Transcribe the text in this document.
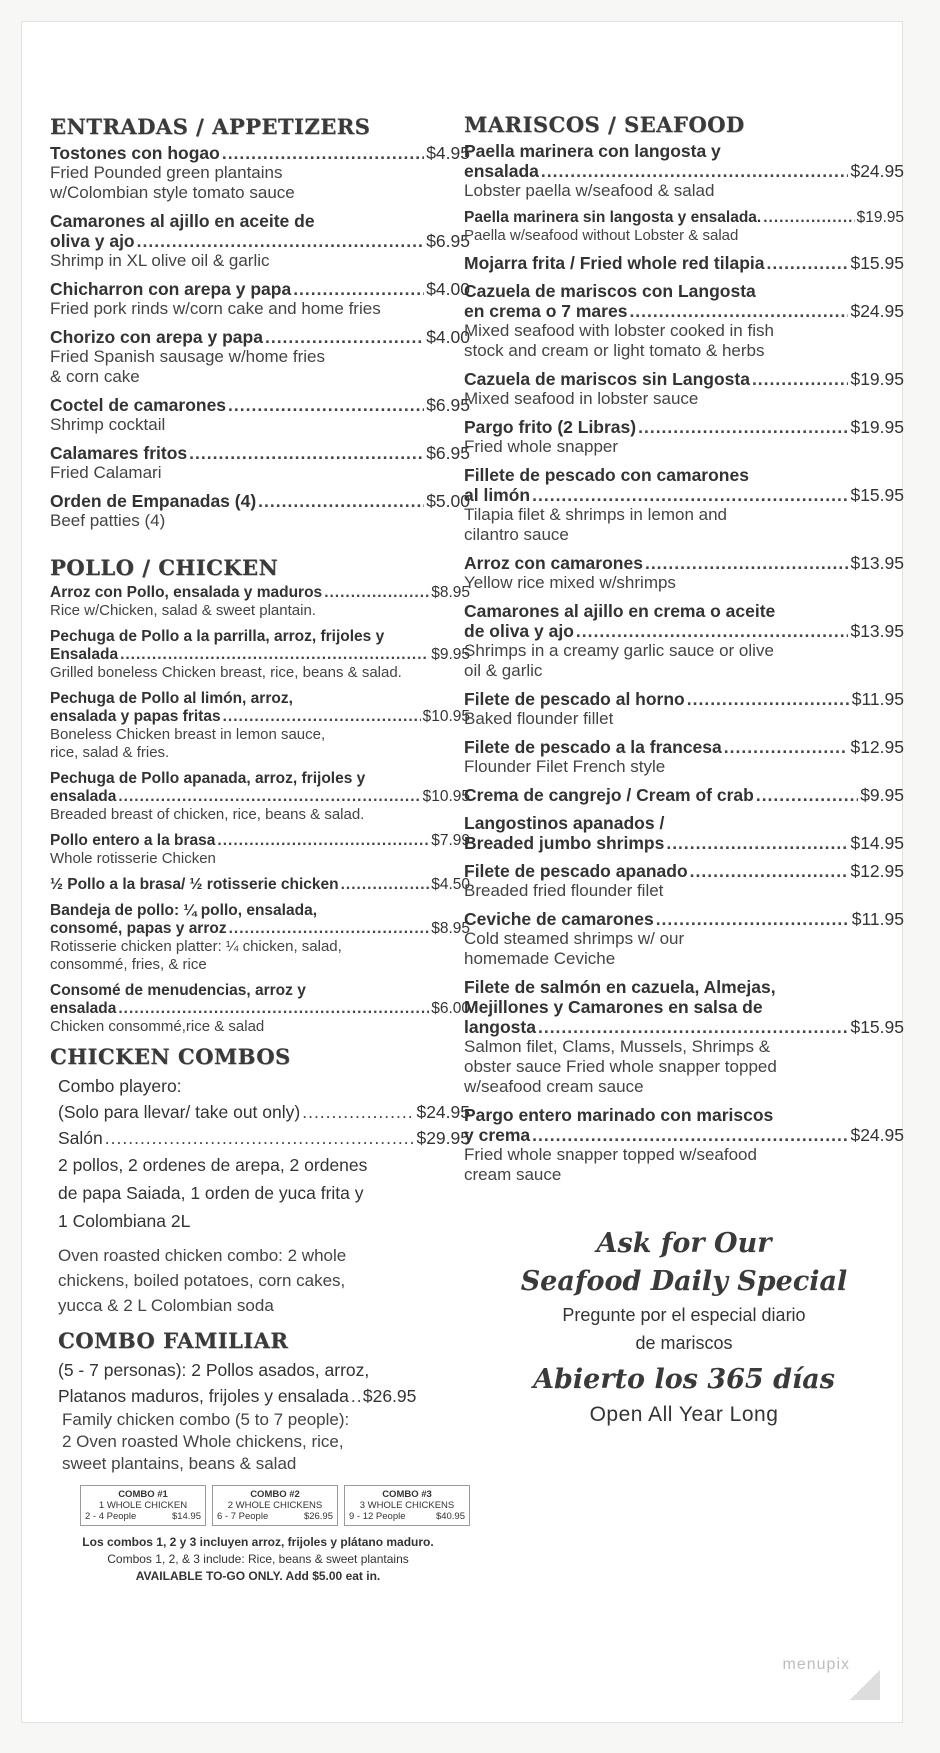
ENTRADAS / APPETIZERS
Tostones con hogao .....	$4.95
Fried Pounded green plantains
w/Colombian style tomato sauce
Camarones al ajillo en aceite de
oliva y ajo .....	$6.95
Shrimp in XL olive oil & garlic
Chicharron con arepa y papa .....	$4.00
Fried pork rinds w/corn cake and home fries
Chorizo con arepa y papa .....	$4.00
Fried Spanish sausage w/home fries
& corn cake
Coctel de camarones .....	$6.95
Shrimp cocktail
Calamares fritos .....	$6.95
Fried Calamari
Orden de Empanadas (4) .....	$5.00
Beef patties (4)
POLLO / CHICKEN
Arroz con Pollo, ensalada y maduros .....	$8.95
Rice w/Chicken, salad & sweet plantain.
Pechuga de Pollo a la parrilla, arroz, frijoles y
Ensalada .....	$9.95
Grilled boneless Chicken breast, rice, beans & salad.
Pechuga de Pollo al limón, arroz,
ensalada y papas fritas .....	$10.95
Boneless Chicken breast in lemon sauce,
rice, salad & fries.
Pechuga de Pollo apanada, arroz, frijoles y
ensalada .....	$10.95
Breaded breast of chicken, rice, beans & salad.
Pollo entero a la brasa .....	$7.99
Whole rotisserie Chicken
½ Pollo a la brasa/ ½ rotisserie chicken .....	$4.50
Bandeja de pollo: ¼ pollo, ensalada,
consomé, papas y arroz .....	$8.95
Rotisserie chicken platter: ¼ chicken, salad,
consommé, fries, & rice
Consomé de menudencias, arroz y
ensalada .....	$6.00
Chicken consommé,rice & salad
CHICKEN COMBOS
Combo playero:
(Solo para llevar/ take out only) .....	$24.95
Salón .....	$29.95
2 pollos, 2 ordenes de arepa, 2 ordenes
de papa Saiada, 1 orden de yuca frita y
1 Colombiana 2L
Oven roasted chicken combo: 2 whole
chickens, boiled potatoes, corn cakes,
yucca & 2 L Colombian soda
COMBO FAMILIAR
(5 - 7 personas): 2 Pollos asados, arroz,
Platanos maduros, frijoles y ensalada ..... $26.95
Family chicken combo (5 to 7 people):
2 Oven roasted Whole chickens, rice,
sweet plantains, beans & salad
COMBO #1
1 WHOLE CHICKEN
2 - 4 People	$14.95
COMBO #2
2 WHOLE CHICKENS
6 - 7 People	$26.95
COMBO #3
3 WHOLE CHICKENS
9 - 12 People	$40.95
Los combos 1, 2 y 3 incluyen arroz, frijoles y plátano maduro.
Combos 1, 2, & 3 include: Rice, beans & sweet plantains
AVAILABLE TO-GO ONLY. Add $5.00 eat in.
MARISCOS / SEAFOOD
Paella marinera con langosta y
ensalada .....	$24.95
Lobster paella w/seafood & salad
Paella marinera sin langosta y ensalada. .....	$19.95
Paella w/seafood without Lobster & salad
Mojarra frita / Fried whole red tilapia .....	$15.95
Cazuela de mariscos con Langosta
en crema o 7 mares .....	$24.95
Mixed seafood with lobster cooked in fish
stock and cream or light tomato & herbs
Cazuela de mariscos sin Langosta .....	$19.95
Mixed seafood in lobster sauce
Pargo frito (2 Libras) .....	$19.95
Fried whole snapper
Fillete de pescado con camarones
al limón .....	$15.95
Tilapia filet & shrimps in lemon and
cilantro sauce
Arroz con camarones .....	$13.95
Yellow rice mixed w/shrimps
Camarones al ajillo en crema o aceite
de oliva y ajo .....	$13.95
Shrimps in a creamy garlic sauce or olive
oil & garlic
Filete de pescado al horno .....	$11.95
Baked flounder fillet
Filete de pescado a la francesa .....	$12.95
Flounder Filet French style
Crema de cangrejo / Cream of crab .....	$9.95
Langostinos apanados /
Breaded jumbo shrimps .....	$14.95
Filete de pescado apanado .....	$12.95
Breaded fried flounder filet
Ceviche de camarones .....	$11.95
Cold steamed shrimps w/ our
homemade Ceviche
Filete de salmón en cazuela, Almejas,
Mejillones y Camarones en salsa de
langosta .....	$15.95
Salmon filet, Clams, Mussels, Shrimps &
obster sauce Fried whole snapper topped
w/seafood cream sauce
Pargo entero marinado con mariscos
y crema .....	$24.95
Fried whole snapper topped w/seafood
cream sauce
Ask for Our
Seafood Daily Special
Pregunte por el especial diario
de mariscos
Abierto los 365 días
Open All Year Long
menupix
